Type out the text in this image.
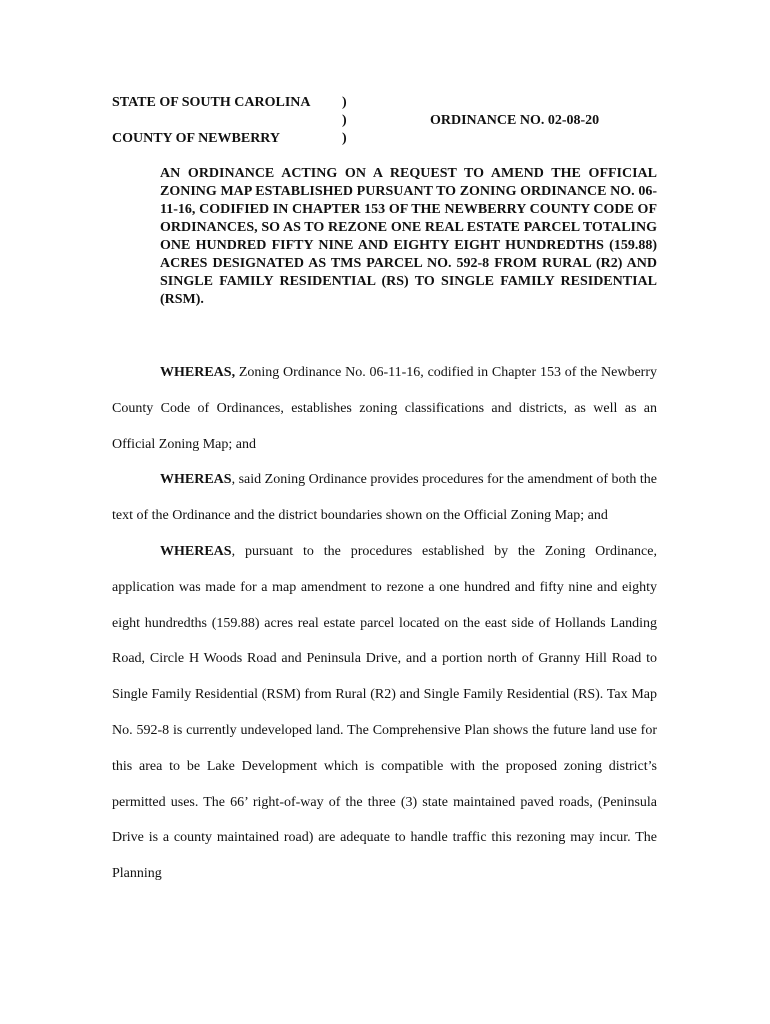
STATE OF SOUTH CAROLINA )
)
COUNTY OF NEWBERRY	)
ORDINANCE NO. 02-08-20
AN ORDINANCE ACTING ON A REQUEST TO AMEND THE OFFICIAL ZONING MAP ESTABLISHED PURSUANT TO ZONING ORDINANCE NO. 06-11-16, CODIFIED IN CHAPTER 153 OF THE NEWBERRY COUNTY CODE OF ORDINANCES, SO AS TO REZONE ONE REAL ESTATE PARCEL TOTALING ONE HUNDRED FIFTY NINE AND EIGHTY EIGHT HUNDREDTHS (159.88) ACRES DESIGNATED AS TMS PARCEL NO. 592-8 FROM RURAL (R2) AND SINGLE FAMILY RESIDENTIAL (RS) TO SINGLE FAMILY RESIDENTIAL (RSM).

WHEREAS, Zoning Ordinance No. 06-11-16, codified in Chapter 153 of the Newberry County Code of Ordinances, establishes zoning classifications and districts, as well as an Official Zoning Map; and

WHEREAS, said Zoning Ordinance provides procedures for the amendment of both the text of the Ordinance and the district boundaries shown on the Official Zoning Map; and

WHEREAS, pursuant to the procedures established by the Zoning Ordinance, application was made for a map amendment to rezone a one hundred and fifty nine and eighty eight hundredths (159.88) acres real estate parcel located on the east side of Hollands Landing Road, Circle H Woods Road and Peninsula Drive, and a portion north of Granny Hill Road to Single Family Residential (RSM) from Rural (R2) and Single Family Residential (RS). Tax Map No. 592-8 is currently undeveloped land. The Comprehensive Plan shows the future land use for this area to be Lake Development which is compatible with the proposed zoning district’s permitted uses. The 66’ right-of-way of the three (3) state maintained paved roads, (Peninsula Drive is a county maintained road) are adequate to handle traffic this rezoning may incur. The Planning
